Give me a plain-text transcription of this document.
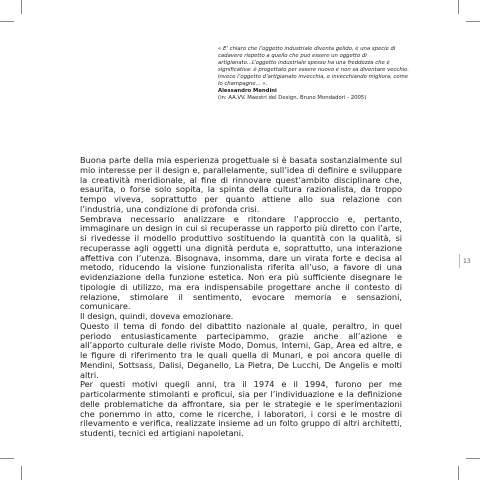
« E’ chiaro che l’oggetto industriale diventa gelido, è una specie di cadavere rispetto a quello che può essere un oggetto di artigianato...L’oggetto industriale spesso ha una freddezza che è significativa: è progettato per essere nuovo e non sa diventare vecchio. Invece l’oggetto d’artigianato invecchia, e invecchiando migliora, come lo champagne... ».

Alessandro Mendini

(in: AA.VV. Maestri del Design, Bruno Mondadori - 2005)

Buona parte della mia esperienza progettuale si è basata sostanzialmente sul mio interesse per il design e, parallelamente, sull’idea di definire e sviluppare la creatività meridionale, al fine di rinnovare quest’ambito disciplinare che, esaurita, o forse solo sopita, la spinta della cultura razionalista, da troppo tempo viveva, soprattutto per quanto attiene allo sua relazione con l’industria, una condizione di profonda crisi.

Sembrava necessario analizzare e ritondare l’approccio e, pertanto, immaginare un design in cui si recuperasse un rapporto più diretto con l’arte, si rivedesse il modello produttivo sostituendo la quantità con la qualità, si recuperasse agli oggetti una dignità perduta e, soprattutto, una interazione affettiva con l’utenza. Bisognava, insomma, dare un virata forte e decisa al metodo, riducendo la visione funzionalista riferita all’uso, a favore di una evidenziazione della funzione estetica. Non era più sufficiente disegnare le tipologie di utilizzo, ma era indispensabile progettare anche il contesto di relazione, stimolare il sentimento, evocare memoria e sensazioni, comunicare.

Il design, quindi, doveva emozionare.

Questo il tema di fondo del dibattito nazionale al quale, peraltro, in quel periodo entusiasticamente partecipammo, grazie anche all’azione e all’apporto culturale delle riviste Modo, Domus, Interni, Gap, Area ed altre, e le figure di riferimento tra le quali quella di Munari, e poi ancora quelle di Mendini, Sottsass, Dalisi, Deganello, La Pietra, De Lucchi, De Angelis e molti altri.

Per questi motivi quegli anni, tra il 1974 e il 1994, furono per me particolarmente stimolanti e proficui, sia per l’individuazione e la definizione delle problematiche da affrontare, sia per le strategie e le sperimentazioni che ponemmo in atto, come le ricerche, i laboratori, i corsi e le mostre di rilevamento e verifica, realizzate insieme ad un folto gruppo di altri architetti, studenti, tecnici ed artigiani napoletani.

13
